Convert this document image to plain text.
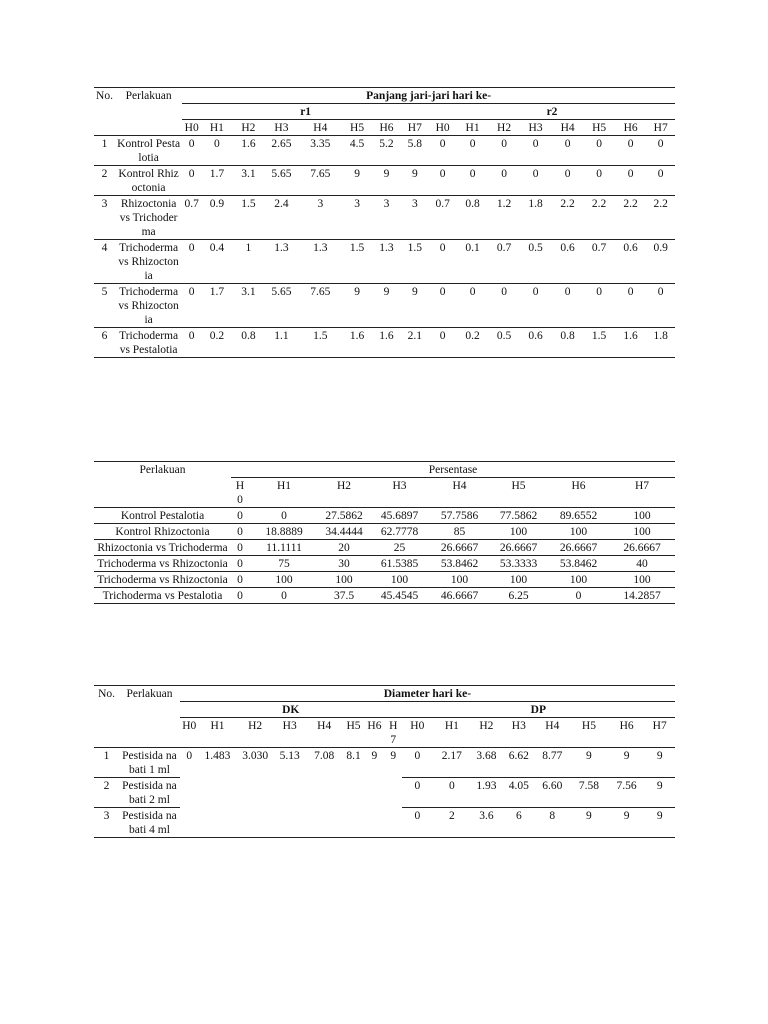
No.	Perlakuan	Panjang jari-jari hari ke-															
		r1								r2							
		H0	H1	H2	H3	H4	H5	H6	H7	H0	H1	H2	H3	H4	H5	H6	H7
1	Kontrol Pestalotia	0	0	1.6	2.65	3.35	4.5	5.2	5.8	0	0	0	0	0	0	0	0
2	Kontrol Rhizoctonia	0	1.7	3.1	5.65	7.65	9	9	9	0	0	0	0	0	0	0	0
3	Rhizoctonia vs Trichoderma	0.7	0.9	1.5	2.4	3	3	3	3	0.7	0.8	1.2	1.8	2.2	2.2	2.2	2.2
4	Trichoderma vs Rhizoctonia	0	0.4	1	1.3	1.3	1.5	1.3	1.5	0	0.1	0.7	0.5	0.6	0.7	0.6	0.9
5	Trichoderma vs Rhizoctonia	0	1.7	3.1	5.65	7.65	9	9	9	0	0	0	0	0	0	0	0
6	Trichoderma vs Pestalotia	0	0.2	0.8	1.1	1.5	1.6	1.6	2.1	0	0.2	0.5	0.6	0.8	1.5	1.6	1.8
Perlakuan	Persentase							
	H0	H1	H2	H3	H4	H5	H6	H7
Kontrol Pestalotia	0	0	27.5862	45.6897	57.7586	77.5862	89.6552	100
Kontrol Rhizoctonia	0	18.8889	34.4444	62.7778	85	100	100	100
Rhizoctonia vs Trichoderma	0	11.1111	20	25	26.6667	26.6667	26.6667	26.6667
Trichoderma vs Rhizoctonia	0	75	30	61.5385	53.8462	53.3333	53.8462	40
Trichoderma vs Rhizoctonia	0	100	100	100	100	100	100	100
Trichoderma vs Pestalotia	0	0	37.5	45.4545	46.6667	6.25	0	14.2857
No.	Perlakuan	Diameter hari ke-															
		DK								DP							
		H0	H1	H2	H3	H4	H5	H6	H7	H0	H1	H2	H3	H4	H5	H6	H7
1	Pestisida nabati 1 ml	0	1.483	3.030	5.13	7.08	8.1	9	9	0	2.17	3.68	6.62	8.77	9	9	9
2	Pestisida nabati 2 ml									0	0	1.93	4.05	6.60	7.58	7.56	9
3	Pestisida nabati 4 ml									0	2	3.6	6	8	9	9	9
